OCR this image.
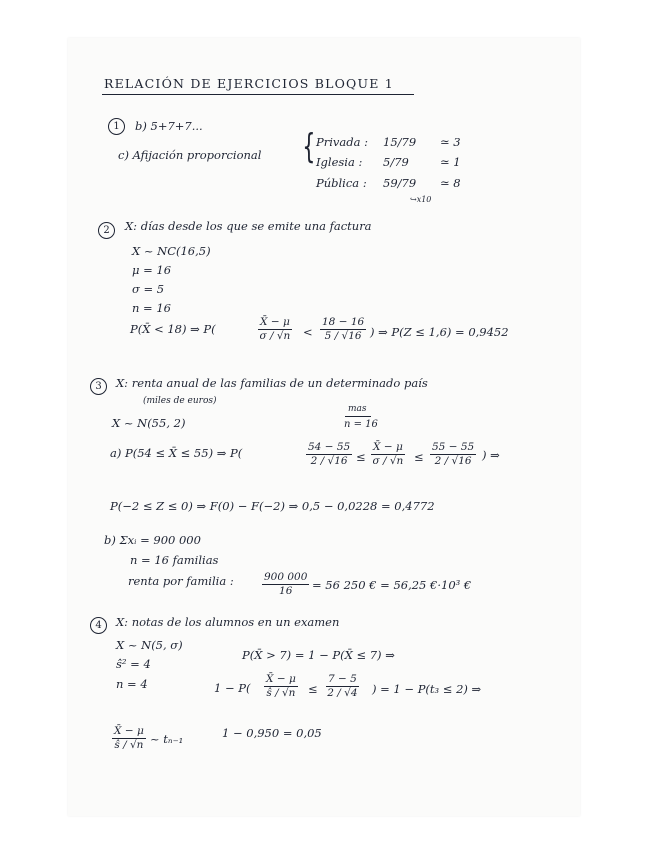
RELACIÓN DE EJERCICIOS BLOQUE 1
1	b) 5+7+7...
c) Afijación proporcional { Privada : 15/79 ≃ 3
Iglesia : 5/79	≃ 1
Pública : 59/79 ≃ 8
↪x10
2	X: días desde los que se emite una factura
X ~ NC(16,5)
μ = 16
σ = 5
n = 16
P(X̄ < 18) ⇒ P(	$\frac{X̄ - \mu}{\sigma / √n} < \frac{18 - 16}{5 / √16}$ ) ⇒ P(Z ≤ 1,6) = 0,9452
3	X: renta anual de las familias de un determinado país
(miles de euros)
X ~ N(55, 2)
mas
n = 16
a) P(54 ≤ X̄ ≤ 55) ⇒ P(	$\frac{54 - 55}{2 / √16} \le \frac{X̄ - \mu}{\sigma / √n} \le \frac{55 - 55}{2 / √16}$ ) ⇒
P(−2 ≤ Z ≤ 0) ⇒ F(0) − F(−2) ⇒ 0,5 − 0,0228 = 0,4772
b) Σxᵢ = 900 000
n = 16 familias
renta por familia :	$\frac{900 000}{16} = 56$ 250 € = 56,25 €·10³ €
4	X: notas de los alumnos en un examen
X ~ N(5, σ)
ŝ² = 4
n = 4
P(X̄ > 7) = 1 − P(X̄ ≤ 7) ⇒
$1 - P( \frac{X̄ - \mu}{ŝ / √n} \le \frac{7 - 5}{2 / √4}$ ) = 1 − P(t₃ ≤ 2) ⇒
$\frac{X̄ - \mu}{ŝ / √n}$ ~ tₙ₋₁	1 − 0,950 = 0,05
